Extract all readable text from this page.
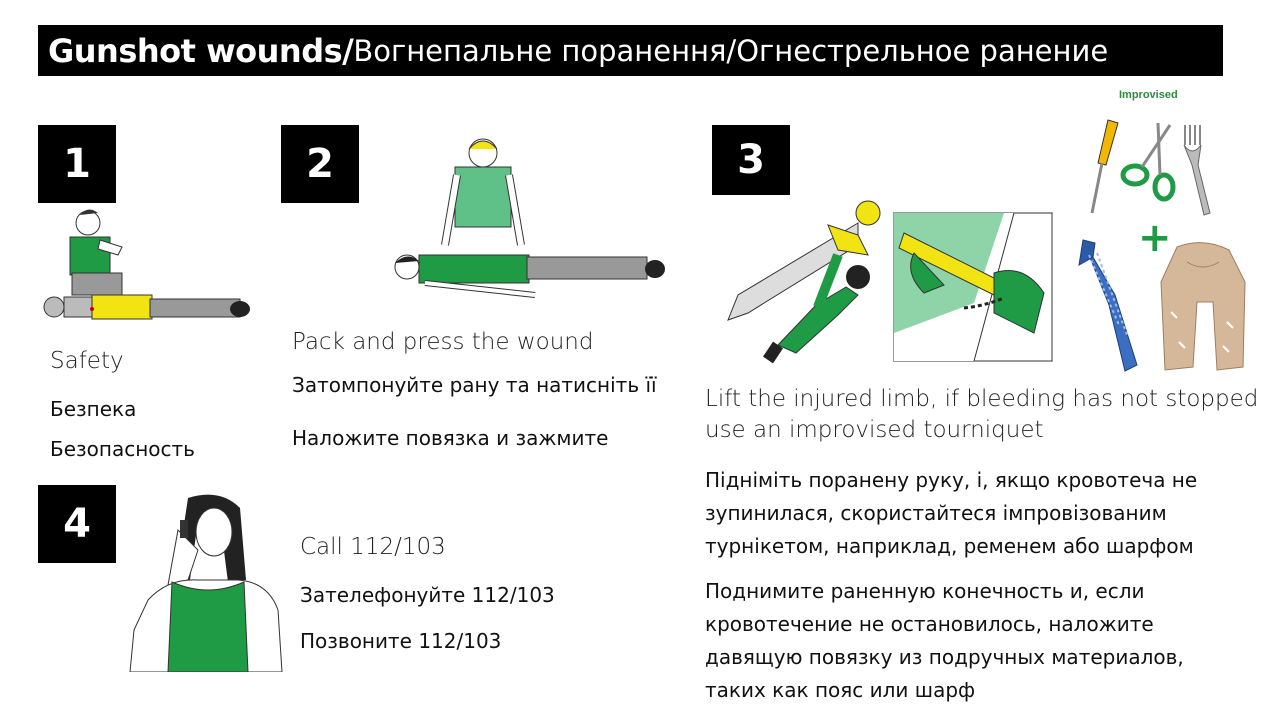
Gunshot wounds/ Вогнепальне поранення/Огнестрельное ранение
1
Safety
Безпека
Безопасность
2
Pack and press the wound
Затомпонуйте рану та натисніть її
Наложите повязка и зажмите
3
Improvised
+
Lift the injured limb, if bleeding has not stopped
use an improvised tourniquet
Підніміть поранену руку, і, якщо кровотеча не
зупинилася, скористайтеся імпровізованим
турнікетом, наприклад, ременем або шарфом
Поднимите раненную конечность и, если
кровотечение не остановилось, наложите
давящую повязку из подручных материалов,
таких как пояс или шарф
4	Call 112/103
Зателефонуйте 112/103
Позвоните 112/103
